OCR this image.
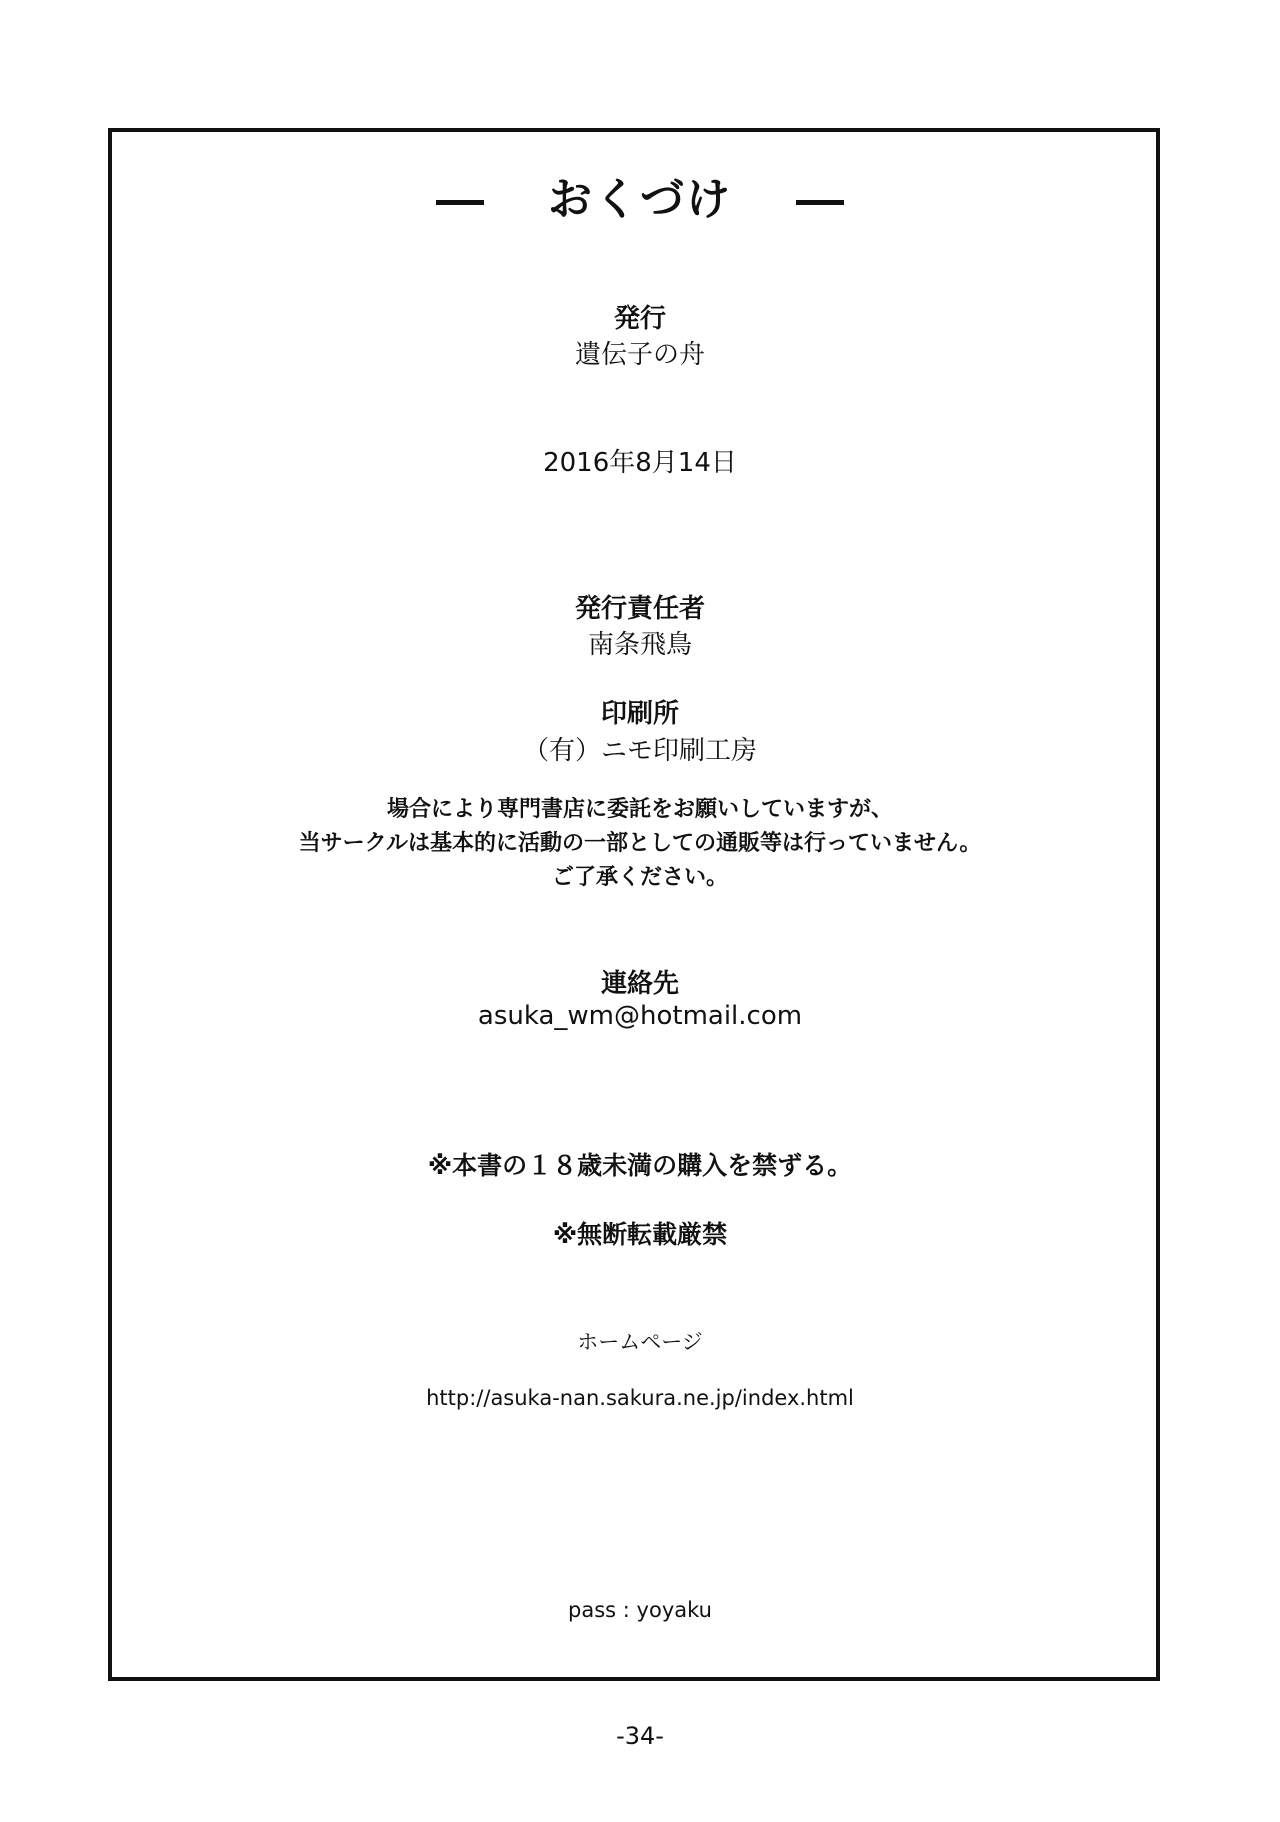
おくづけ
発行
遺伝子の舟
2016年8月14日
発行責任者
南条飛鳥
印刷所
（有）ニモ印刷工房
場合により専門書店に委託をお願いしていますが、
当サークルは基本的に活動の一部としての通販等は行っていません。
ご了承ください。
連絡先
asuka_wm@hotmail.com
※本書の１８歳未満の購入を禁ずる。
※無断転載厳禁
ホームページ
http://asuka-nan.sakura.ne.jp/index.html
pass : yoyaku
-34-
